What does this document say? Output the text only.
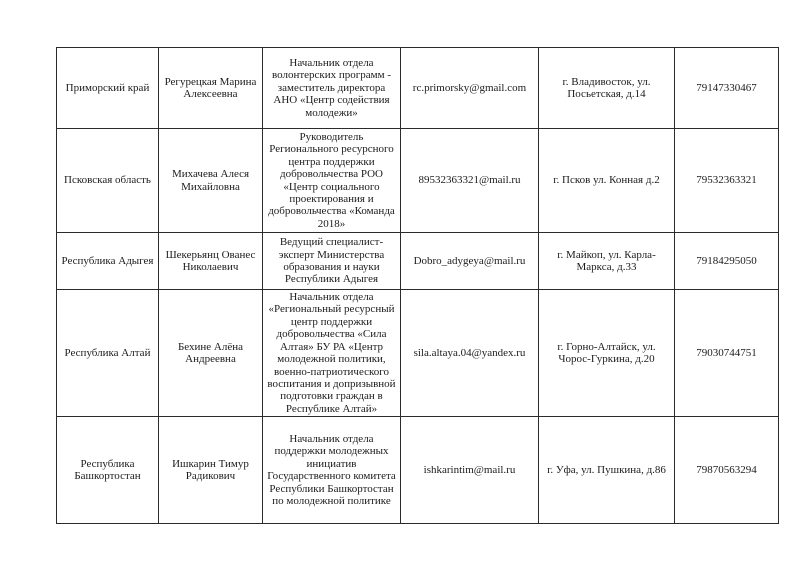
Приморский край	Регурецкая Марина Алексеевна	Начальник отдела волонтерских программ - заместитель директора АНО «Центр содействия молодежи»	rc.primorsky@gmail.com	г. Владивосток, ул. Посьетская, д.14	79147330467
Псковская область	Михачева Алеся Михайловна	Руководитель Регионального ресурсного центра поддержки добровольчества РОО «Центр социального проектирования и добровольчества «Команда 2018»	89532363321@mail.ru	г. Псков ул. Конная д.2	79532363321
Республика Адыгея	Шекерьянц Ованес Николаевич	Ведущий специалист-эксперт Министерства образования и науки Республики Адыгея	Dobro_adygeya@mail.ru	г. Майкоп, ул. Карла-Маркса, д.33	79184295050
Республика Алтай	Бехине Алёна Андреевна	Начальник отдела «Региональный ресурсный центр поддержки добровольчества «Сила Алтая» БУ РА «Центр молодежной политики, военно-патриотического воспитания и допризывной подготовки граждан в Республике Алтай»	sila.altaya.04@yandex.ru	г. Горно-Алтайск, ул. Чорос-Гуркина, д.20	79030744751
Республика Башкортостан	Ишкарин Тимур Радикович	Начальник отдела поддержки молодежных инициатив Государственного комитета Республики Башкортостан по молодежной политике	ishkarintim@mail.ru	г. Уфа, ул. Пушкина, д.86	79870563294
